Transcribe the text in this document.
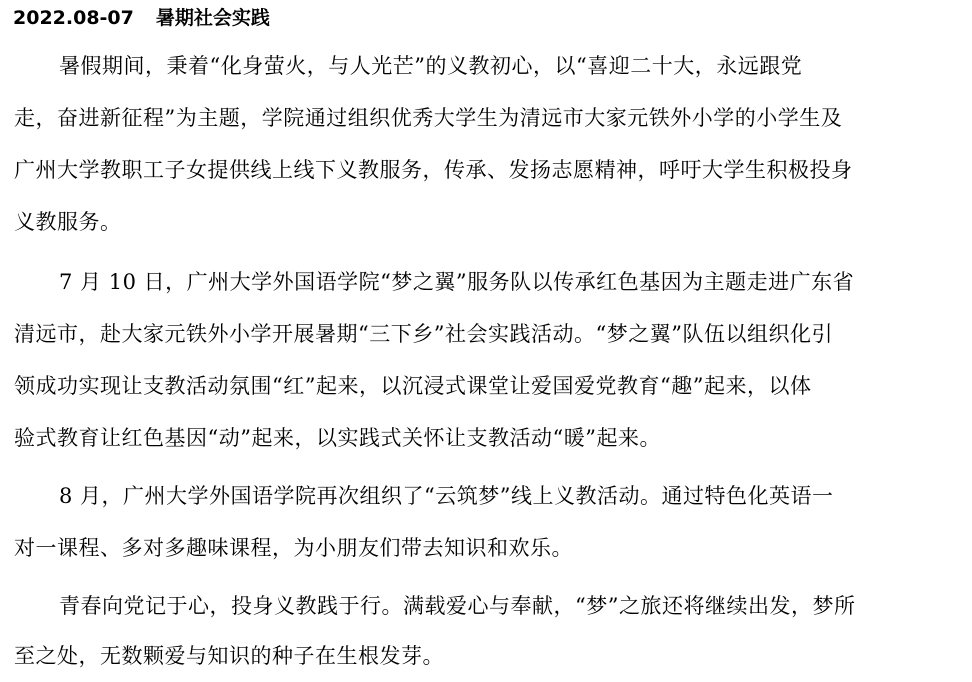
2022.08-07 暑期社会实践
暑假期间，秉着“化身萤火，与人光芒”的义教初心，以“喜迎二十大，永远跟党
走，奋进新征程”为主题，学院通过组织优秀大学生为清远市大家元铁外小学的小学生及
广州大学教职工子女提供线上线下义教服务，传承、发扬志愿精神，呼吁大学生积极投身
义教服务。
7 月 10 日，广州大学外国语学院“梦之翼”服务队以传承红色基因为主题走进广东省
清远市，赴大家元铁外小学开展暑期“三下乡”社会实践活动。“梦之翼”队伍以组织化引
领成功实现让支教活动氛围“红”起来，以沉浸式课堂让爱国爱党教育“趣”起来，以体
验式教育让红色基因“动”起来，以实践式关怀让支教活动“暖”起来。
8 月，广州大学外国语学院再次组织了“云筑梦”线上义教活动。通过特色化英语一
对一课程、多对多趣味课程，为小朋友们带去知识和欢乐。
青春向党记于心，投身义教践于行。满载爱心与奉献，“梦”之旅还将继续出发，梦所
至之处，无数颗爱与知识的种子在生根发芽。
